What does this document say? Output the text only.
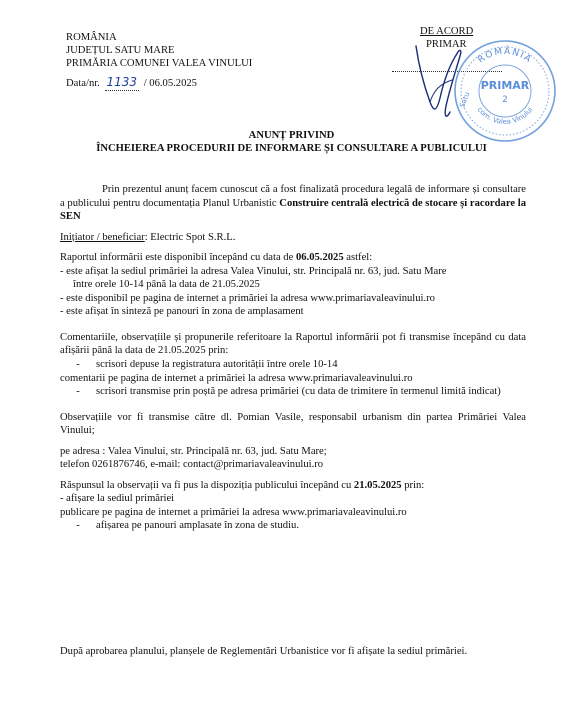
ROMÂNIA
JUDEȚUL SATU MARE
PRIMĂRIA COMUNEI VALEA VINULUI
Data/nr. 1133 / 06.05.2025
DE ACORD
PRIMAR
ROMÂNIA
com. Valea Vinului
PRIMAR
2
Satu
ANUNȚ PRIVIND
ÎNCHEIEREA PROCEDURII DE INFORMARE ȘI CONSULTARE A PUBLICULUI

Prin prezentul anunț facem cunoscut că a fost finalizată procedura legală de informare și consultare a publicului pentru documentația Planul Urbanistic Construire centrală electrică de stocare și racordare la SEN

Inițiator / beneficiar: Electric Spot S.R.L.

Raportul informării este disponibil începând cu data de 06.05.2025 astfel:

- este afișat la sediul primăriei la adresa Valea Vinului, str. Principală nr. 63, jud. Satu Mare

între orele 10-14 până la data de 21.05.2025

- este disponibil pe pagina de internet a primăriei la adresa www.primariavaleavinului.ro

- este afișat în sinteză pe panouri în zona de amplasament

Comentariile, observațiile și propunerile referitoare la Raportul informării pot fi transmise începând cu data afișării până la data de 21.05.2025 prin:

-	scrisori depuse la registratura autorității între orele 10-14

comentarii pe pagina de internet a primăriei la adresa www.primariavaleavinului.ro

-	scrisori transmise prin poștă pe adresa primăriei (cu data de trimitere în termenul limită indicat)

Observațiile vor fi transmise către dl. Pomian Vasile, responsabil urbanism din partea Primăriei Valea Vinului;

pe adresa : Valea Vinului, str. Principală nr. 63, jud. Satu Mare;

telefon 0261876746, e-mail: contact@primariavaleavinului.ro

Răspunsul la observații va fi pus la dispoziția publicului începând cu 21.05.2025 prin:

- afișare la sediul primăriei

publicare pe pagina de internet a primăriei la adresa www.primariavaleavinului.ro

-	afișarea pe panouri amplasate în zona de studiu.

După aprobarea planului, planșele de Reglementări Urbanistice vor fi afișate la sediul primăriei.
